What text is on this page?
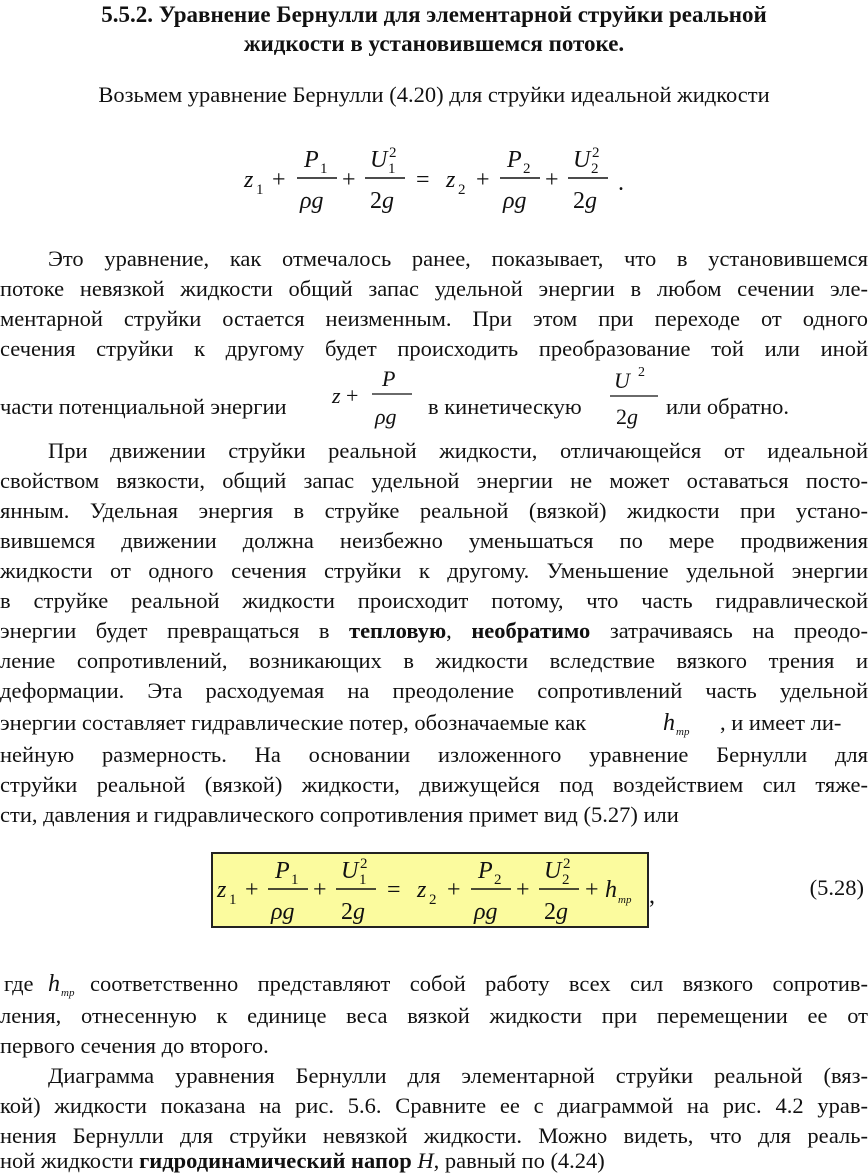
5.5.2. Уравнение Бернулли для элементарной струйки реальной
жидкости в установившемся потоке.
Возьмем уравнение Бернулли (4.20) для струйки идеальной жидкости
z 1 +
P 1
ρg
+
U 1
2
2g
= z 2 +
P 2
ρg
+
U 2
2
2g
.
Это уравнение, как отмечалось ранее, показывает, что в установившемся
потоке невязкой жидкости общий запас удельной энергии в любом сечении эле-
ментарной струйки остается неизменным. При этом при переходе от одного
сечения струйки к другому будет происходить преобразование той или иной
части потенциальной энергии	z +
P
ρg в кинетическую
U 2
2g или обратно.
При движении струйки реальной жидкости, отличающейся от идеальной
свойством вязкости, общий запас удельной энергии не может оставаться посто-
янным. Удельная энергия в струйке реальной (вязкой) жидкости при устано-
вившемся движении должна неизбежно уменьшаться по мере продвижения
жидкости от одного сечения струйки к другому. Уменьшение удельной энергии
в струйке реальной жидкости происходит потому, что часть гидравлической
энергии будет превращаться в тепловую, необратимо затрачиваясь на преодо-
ление сопротивлений, возникающих в жидкости вследствие вязкого трения и
деформации. Эта расходуемая на преодоление сопротивлений часть удельной
энергии составляет гидравлические потер, обозначаемые как	h тр , и имеет ли-
нейную размерность. На основании изложенного уравнение Бернулли для
струйки реальной (вязкой) жидкости, движущейся под воздействием сил тяже-
сти, давления и гидравлического сопротивления примет вид (5.27) или
z 1 +
P 1
ρg
+
U 1
2
2g
= z 2 +
P 2
ρg
+
U 2
2
2g
+ h тр ,	(5.28)
где h тр соответственно представляют собой работу всех сил вязкого сопротив-
ления, отнесенную к единице веса вязкой жидкости при перемещении ее от
первого сечения до второго.
Диаграмма уравнения Бернулли для элементарной струйки реальной (вяз-
кой) жидкости показана на рис. 5.6. Сравните ее с диаграммой на рис. 4.2 урав-
нения Бернулли для струйки невязкой жидкости. Можно видеть, что для реаль-
ной жидкости гидродинамический напор H, равный по (4.24)
